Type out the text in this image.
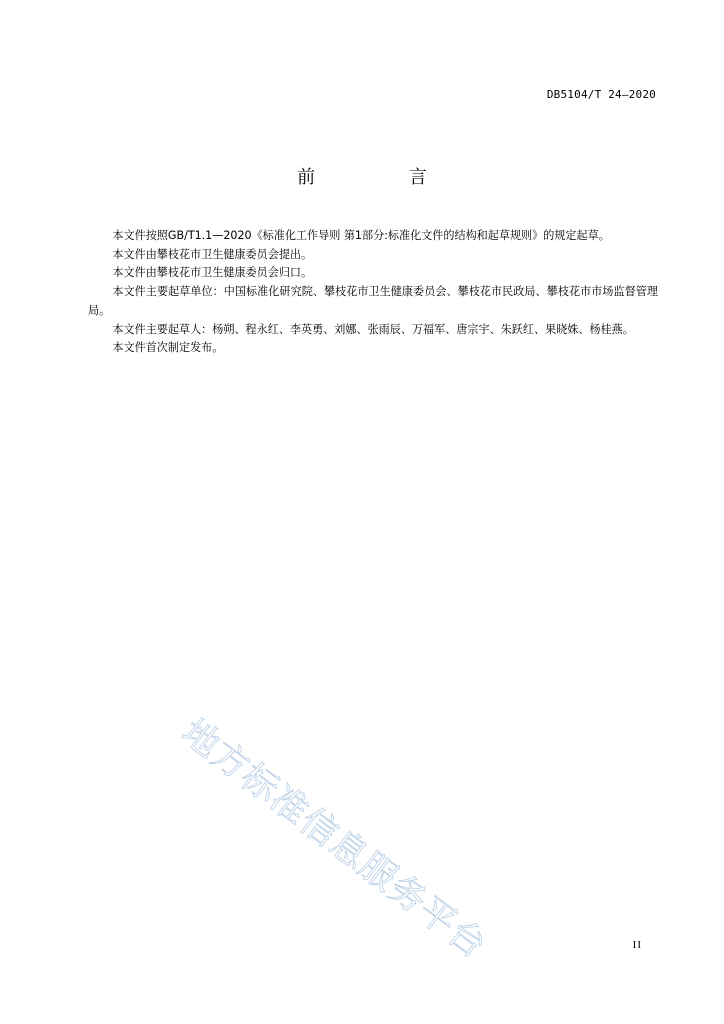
DB5104/T 24—2020
前 言

本文件按照GB/T1.1—2020《标准化工作导则 第1部分:标准化文件的结构和起草规则》的规定起草。

本文件由攀枝花市卫生健康委员会提出。

本文件由攀枝花市卫生健康委员会归口。

本文件主要起草单位：中国标准化研究院、攀枝花市卫生健康委员会、攀枝花市民政局、攀枝花市市场监督管理局。

本文件主要起草人：杨朔、程永红、李英勇、刘娜、张雨辰、万福军、唐宗宇、朱跃红、果晓姝、杨桂燕。

本文件首次制定发布。

地方标准信息服务平台	II
